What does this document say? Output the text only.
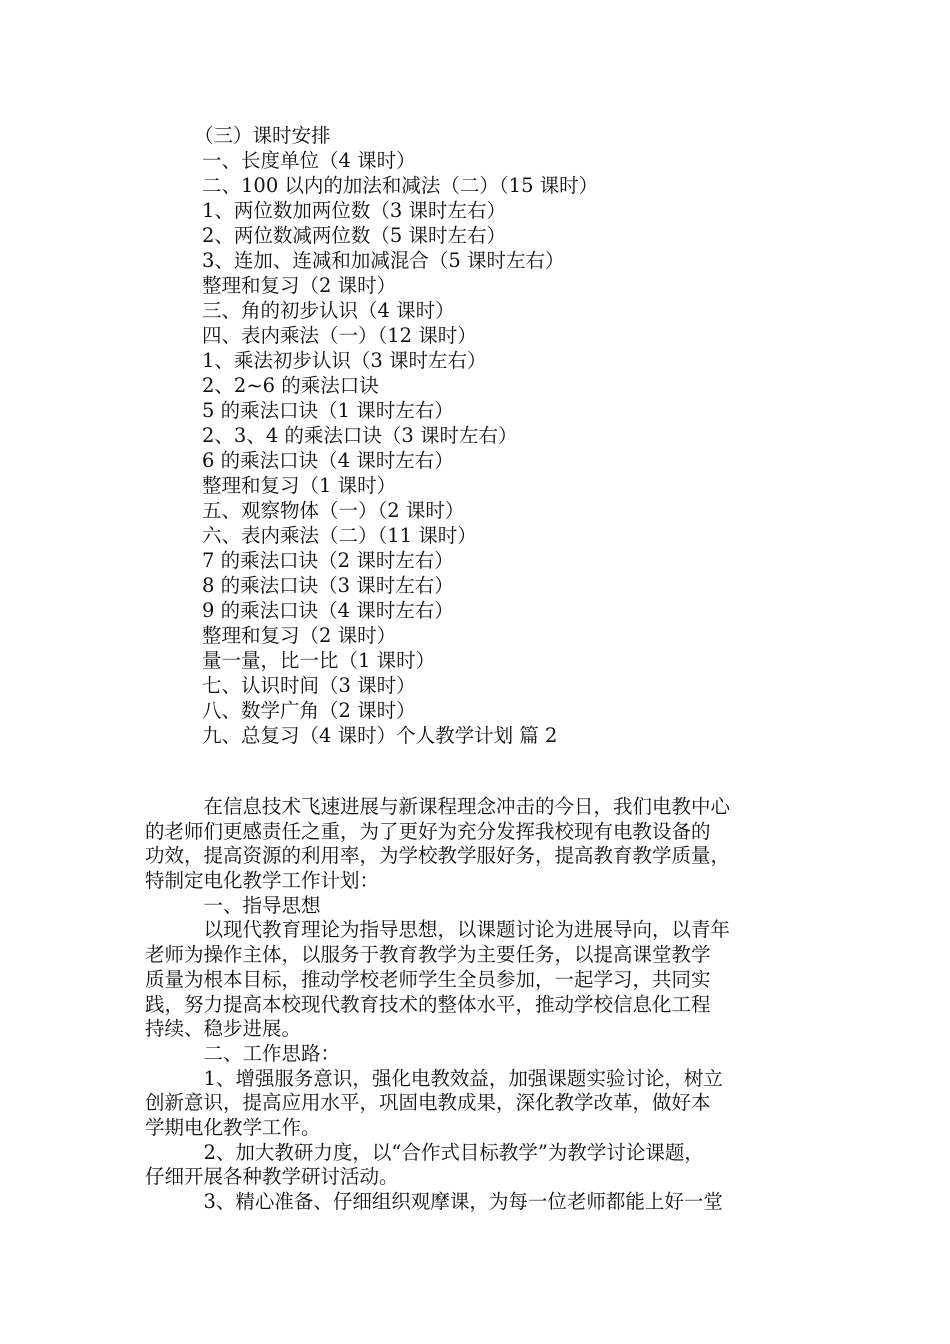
（三）课时安排
一、长度单位（4 课时）
二、100 以内的加法和减法（二）（15 课时）
1、两位数加两位数（3 课时左右）
2、两位数减两位数（5 课时左右）
3、连加、连减和加减混合（5 课时左右）
整理和复习（2 课时）
三、角的初步认识（4 课时）
四、表内乘法（一）（12 课时）
1、乘法初步认识（3 课时左右）
2、2~6 的乘法口诀
5 的乘法口诀（1 课时左右）
2、3、4 的乘法口诀（3 课时左右）
6 的乘法口诀（4 课时左右）
整理和复习（1 课时）
五、观察物体（一）（2 课时）
六、表内乘法（二）（11 课时）
7 的乘法口诀（2 课时左右）
8 的乘法口诀（3 课时左右）
9 的乘法口诀（4 课时左右）
整理和复习（2 课时）
量一量，比一比（1 课时）
七、认识时间（3 课时）
八、数学广角（2 课时）
九、总复习（4 课时）个人教学计划 篇 2
　　　在信息技术飞速进展与新课程理念冲击的今日，我们电教中心
的老师们更感责任之重，为了更好为充分发挥我校现有电教设备的
功效，提高资源的利用率，为学校教学服好务，提高教育教学质量，
特制定电化教学工作计划：
　　　一、指导思想
　　　以现代教育理论为指导思想，以课题讨论为进展导向，以青年
老师为操作主体，以服务于教育教学为主要任务，以提高课堂教学
质量为根本目标，推动学校老师学生全员参加，一起学习，共同实
践，努力提高本校现代教育技术的整体水平，推动学校信息化工程
持续、稳步进展。
　　　二、工作思路：
　　　1、增强服务意识，强化电教效益，加强课题实验讨论，树立
创新意识，提高应用水平，巩固电教成果，深化教学改革，做好本
学期电化教学工作。
　　　2、加大教研力度，以“合作式目标教学”为教学讨论课题，
仔细开展各种教学研讨活动。
　　　3、精心准备、仔细组织观摩课，为每一位老师都能上好一堂
